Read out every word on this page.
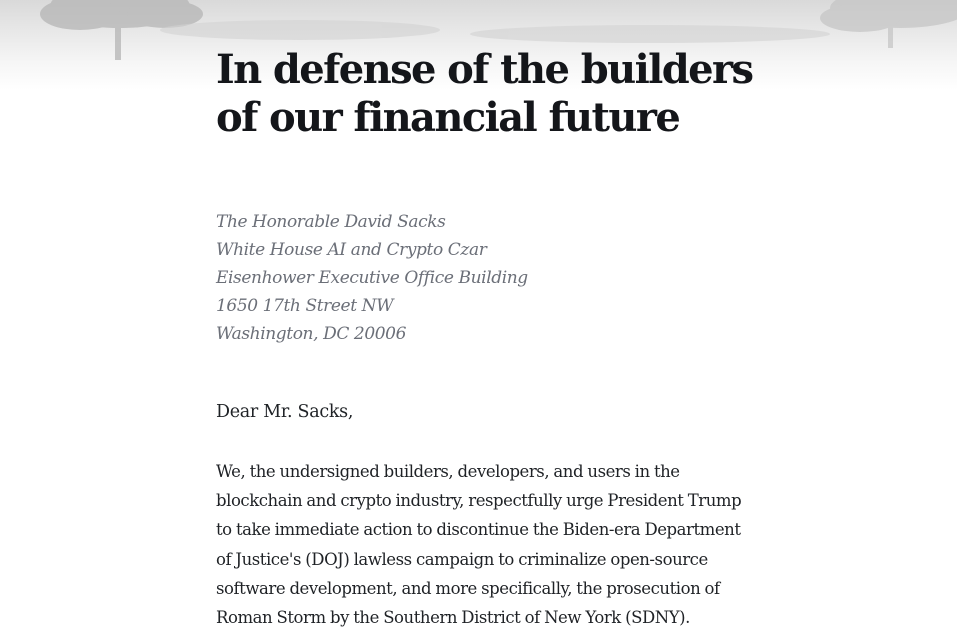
In defense of the builders of our financial future
The Honorable David Sacks
White House AI and Crypto Czar
Eisenhower Executive Office Building
1650 17th Street NW
Washington, DC 20006
Dear Mr. Sacks,

We, the undersigned builders, developers, and users in the blockchain and crypto industry, respectfully urge President Trump to take immediate action to discontinue the Biden-era Department of Justice's (DOJ) lawless campaign to criminalize open-source software development, and more specifically, the prosecution of Roman Storm by the Southern District of New York (SDNY).
